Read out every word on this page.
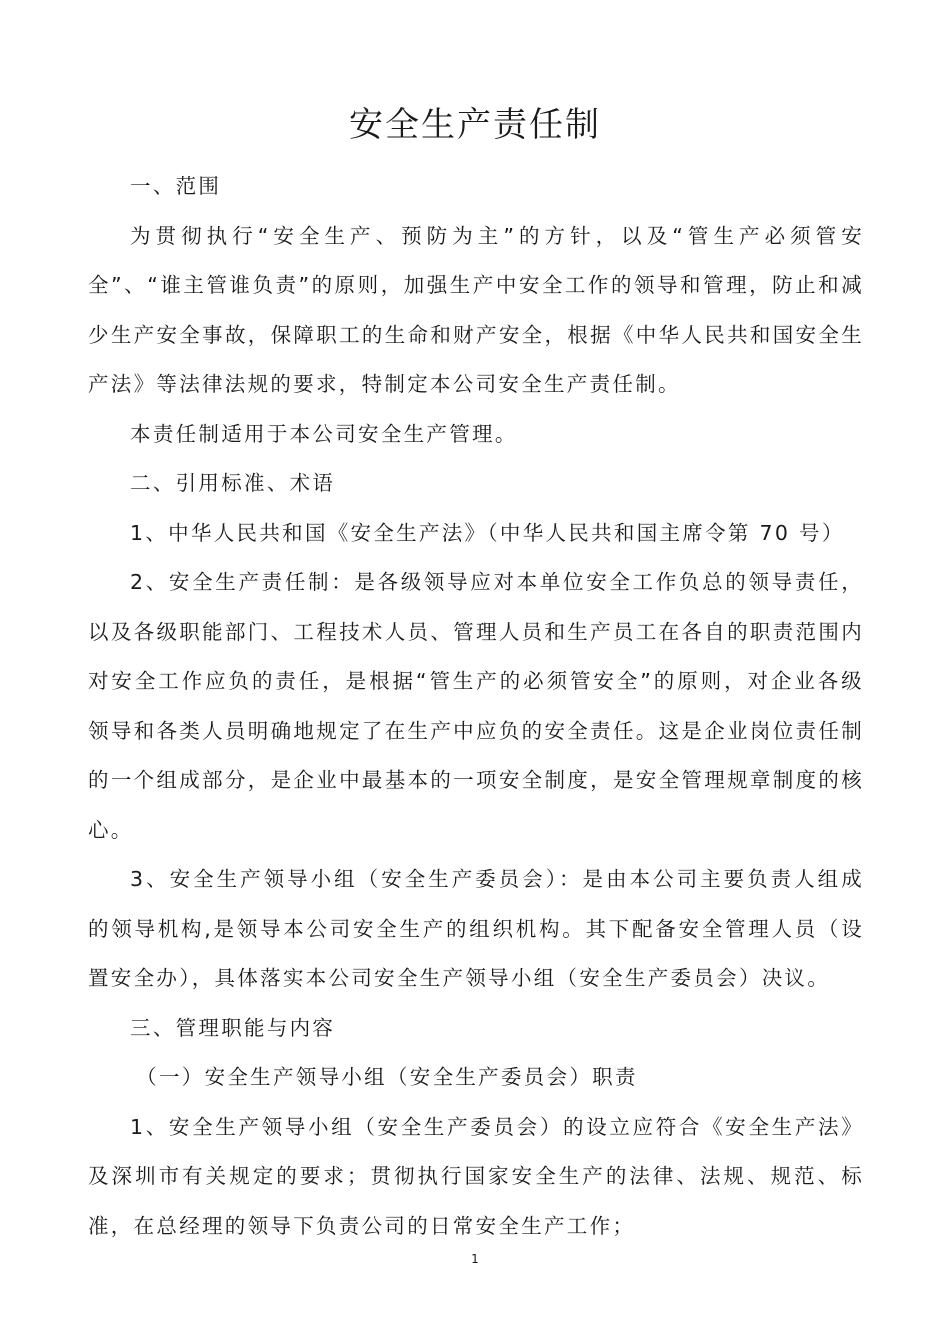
安全生产责任制

一、范围

为贯彻执行“安全生产、预防为主”的方针，以及“管生产必须管安全”、“谁主管谁负责”的原则，加强生产中安全工作的领导和管理，防止和减少生产安全事故，保障职工的生命和财产安全，根据《中华人民共和国安全生产法》等法律法规的要求，特制定本公司安全生产责任制。

本责任制适用于本公司安全生产管理。

二、引用标准、术语

1、中华人民共和国《安全生产法》（中华人民共和国主席令第 70 号）

2、安全生产责任制：是各级领导应对本单位安全工作负总的领导责任，以及各级职能部门、工程技术人员、管理人员和生产员工在各自的职责范围内对安全工作应负的责任，是根据“管生产的必须管安全”的原则，对企业各级领导和各类人员明确地规定了在生产中应负的安全责任。这是企业岗位责任制的一个组成部分，是企业中最基本的一项安全制度，是安全管理规章制度的核心。

3、安全生产领导小组（安全生产委员会）：是由本公司主要负责人组成的领导机构,是领导本公司安全生产的组织机构。其下配备安全管理人员（设置安全办），具体落实本公司安全生产领导小组（安全生产委员会）决议。

三、管理职能与内容

（一）安全生产领导小组（安全生产委员会）职责

1、安全生产领导小组（安全生产委员会）的设立应符合《安全生产法》及深圳市有关规定的要求；贯彻执行国家安全生产的法律、法规、规范、标准，在总经理的领导下负责公司的日常安全生产工作；

1
